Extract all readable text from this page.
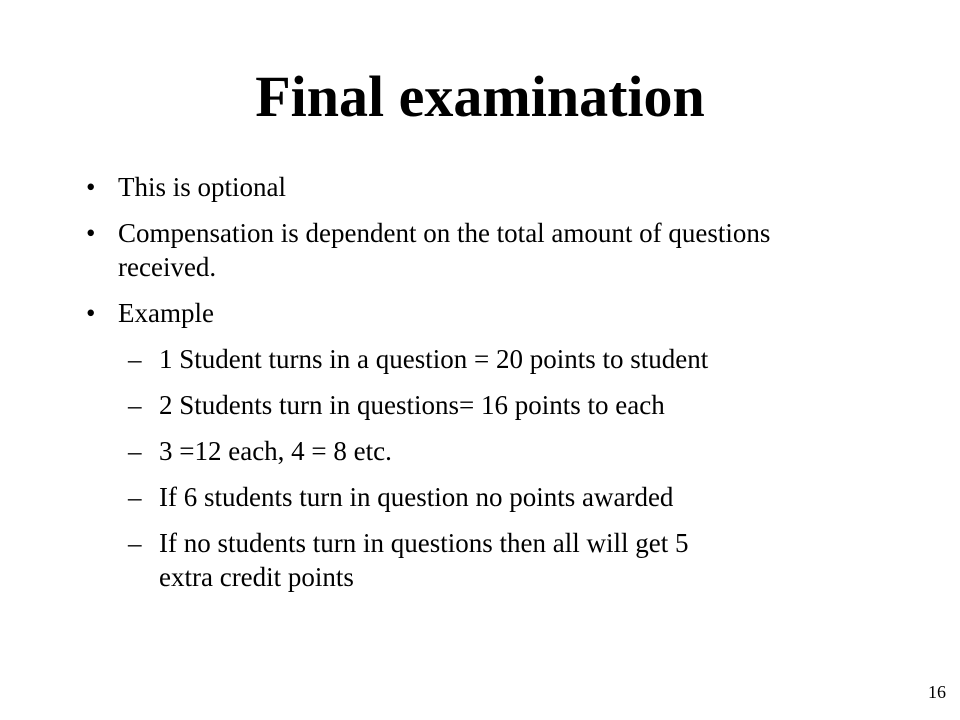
Final examination
• This is optional
• Compensation is dependent on the total amount of questions received.
• Example
– 1 Student turns in a question = 20 points to student
– 2 Students turn in questions= 16 points to each
– 3 =12 each, 4 = 8 etc.
– If 6 students turn in question no points awarded
– If no students turn in questions then all will get 5 extra credit points
16
